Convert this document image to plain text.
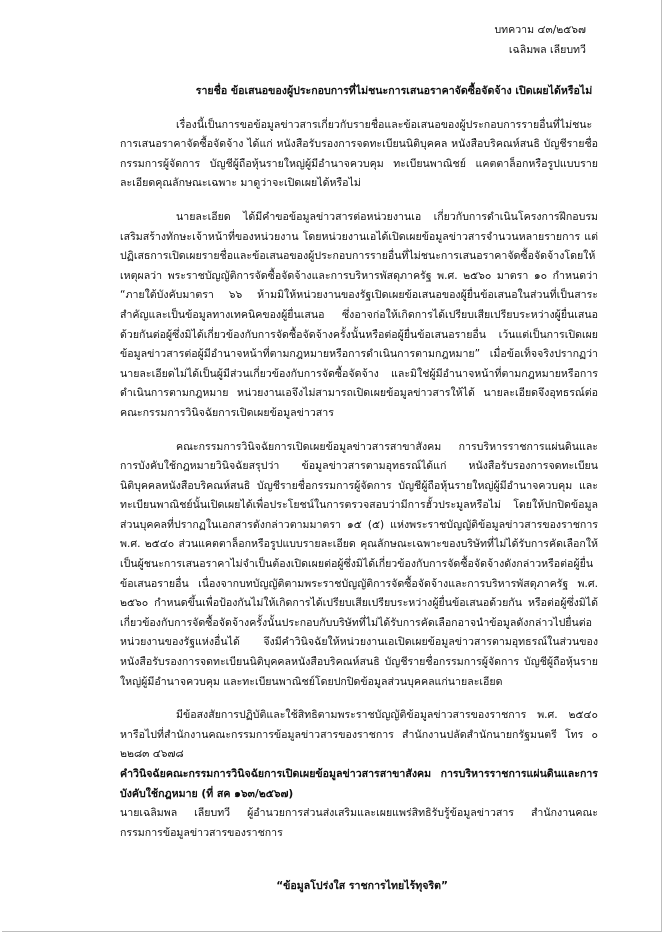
บทความ ๔๓/๒๕๖๗
เฉลิมพล เลียบทวี
รายชื่อ ข้อเสนอของผู้ประกอบการที่ไม่ชนะการเสนอราคาจัดซื้อจัดจ้าง เปิดเผยได้หรือไม่

เรื่องนี้เป็นการขอข้อมูลข่าวสารเกี่ยวกับรายชื่อและข้อเสนอของผู้ประกอบการรายอื่นที่ไม่ชนะการเสนอราคาจัดซื้อจัดจ้าง ได้แก่ หนังสือรับรองการจดทะเบียนนิติบุคคล หนังสือบริคณห์สนธิ บัญชีรายชื่อกรรมการผู้จัดการ บัญชีผู้ถือหุ้นรายใหญ่ผู้มีอำนาจควบคุม ทะเบียนพาณิชย์ แคตตาล็อกหรือรูปแบบรายละเอียดคุณลักษณะเฉพาะ มาดูว่าจะเปิดเผยได้หรือไม่

นายละเอียด ได้มีคำขอข้อมูลข่าวสารต่อหน่วยงานเอ เกี่ยวกับการดำเนินโครงการฝึกอบรมเสริมสร้างทักษะเจ้าหน้าที่ของหน่วยงาน โดยหน่วยงานเอได้เปิดเผยข้อมูลข่าวสารจำนวนหลายรายการ แต่ปฏิเสธการเปิดเผยรายชื่อและข้อเสนอของผู้ประกอบการรายอื่นที่ไม่ชนะการเสนอราคาจัดซื้อจัดจ้างโดยให้เหตุผลว่า พระราชบัญญัติการจัดซื้อจัดจ้างและการบริหารพัสดุภาครัฐ พ.ศ. ๒๕๖๐ มาตรา ๑๐ กำหนดว่า “ภายใต้บังคับมาตรา ๖๖ ห้ามมิให้หน่วยงานของรัฐเปิดเผยข้อเสนอของผู้ยื่นข้อเสนอในส่วนที่เป็นสาระสำคัญและเป็นข้อมูลทางเทคนิคของผู้ยื่นเสนอ ซึ่งอาจก่อให้เกิดการได้เปรียบเสียเปรียบระหว่างผู้ยื่นเสนอด้วยกันต่อผู้ซึ่งมิได้เกี่ยวข้องกับการจัดซื้อจัดจ้างครั้งนั้นหรือต่อผู้ยื่นข้อเสนอรายอื่น เว้นแต่เป็นการเปิดเผยข้อมูลข่าวสารต่อผู้มีอำนาจหน้าที่ตามกฎหมายหรือการดำเนินการตามกฎหมาย” เมื่อข้อเท็จจริงปรากฏว่านายละเอียดไม่ได้เป็นผู้มีส่วนเกี่ยวข้องกับการจัดซื้อจัดจ้าง และมิใช่ผู้มีอำนาจหน้าที่ตามกฎหมายหรือการดำเนินการตามกฎหมาย หน่วยงานเอจึงไม่สามารถเปิดเผยข้อมูลข่าวสารให้ได้ นายละเอียดจึงอุทธรณ์ต่อคณะกรรมการวินิจฉัยการเปิดเผยข้อมูลข่าวสาร

คณะกรรมการวินิจฉัยการเปิดเผยข้อมูลข่าวสารสาขาสังคม การบริหารราชการแผ่นดินและการบังคับใช้กฎหมายวินิจฉัยสรุปว่า ข้อมูลข่าวสารตามอุทธรณ์ได้แก่ หนังสือรับรองการจดทะเบียนนิติบุคคลหนังสือบริคณห์สนธิ บัญชีรายชื่อกรรมการผู้จัดการ บัญชีผู้ถือหุ้นรายใหญ่ผู้มีอำนาจควบคุม และทะเบียนพาณิชย์นั้นเปิดเผยได้เพื่อประโยชน์ในการตรวจสอบว่ามีการฮั้วประมูลหรือไม่ โดยให้ปกปิดข้อมูลส่วนบุคคลที่ปรากฏในเอกสารดังกล่าวตามมาตรา ๑๕ (๕) แห่งพระราชบัญญัติข้อมูลข่าวสารของราชการ พ.ศ. ๒๕๔๐ ส่วนแคตตาล็อกหรือรูปแบบรายละเอียด คุณลักษณะเฉพาะของบริษัทที่ไม่ได้รับการคัดเลือกให้เป็นผู้ชนะการเสนอราคาไม่จำเป็นต้องเปิดเผยต่อผู้ซึ่งมิได้เกี่ยวข้องกับการจัดซื้อจัดจ้างดังกล่าวหรือต่อผู้ยื่นข้อเสนอรายอื่น เนื่องจากบทบัญญัติตามพระราชบัญญัติการจัดซื้อจัดจ้างและการบริหารพัสดุภาครัฐ พ.ศ. ๒๕๖๐ กำหนดขึ้นเพื่อป้องกันไม่ให้เกิดการได้เปรียบเสียเปรียบระหว่างผู้ยื่นข้อเสนอด้วยกัน หรือต่อผู้ซึ่งมิได้เกี่ยวข้องกับการจัดซื้อจัดจ้างครั้งนั้นประกอบกับบริษัทที่ไม่ได้รับการคัดเลือกอาจนำข้อมูลดังกล่าวไปยื่นต่อหน่วยงานของรัฐแห่งอื่นได้ จึงมีคำวินิจฉัยให้หน่วยงานเอเปิดเผยข้อมูลข่าวสารตามอุทธรณ์ในส่วนของหนังสือรับรองการจดทะเบียนนิติบุคคลหนังสือบริคณห์สนธิ บัญชีรายชื่อกรรมการผู้จัดการ บัญชีผู้ถือหุ้นรายใหญ่ผู้มีอำนาจควบคุม และทะเบียนพาณิชย์โดยปกปิดข้อมูลส่วนบุคคลแก่นายละเอียด

มีข้อสงสัยการปฏิบัติและใช้สิทธิตามพระราชบัญญัติข้อมูลข่าวสารของราชการ พ.ศ. ๒๕๔๐ หารือไปที่สำนักงานคณะกรรมการข้อมูลข่าวสารของราชการ สำนักงานปลัดสำนักนายกรัฐมนตรี โทร ๐ ๒๒๘๓ ๔๖๗๘

คำวินิจฉัยคณะกรรมการวินิจฉัยการเปิดเผยข้อมูลข่าวสารสาขาสังคม การบริหารราชการแผ่นดินและการบังคับใช้กฎหมาย (ที่ สค ๑๖๓/๒๕๖๗)

นายเฉลิมพล เลียบทวี ผู้อำนวยการส่วนส่งเสริมและเผยแพร่สิทธิรับรู้ข้อมูลข่าวสาร สำนักงานคณะกรรมการข้อมูลข่าวสารของราชการ

“ข้อมูลโปร่งใส ราชการไทยไร้ทุจริต”
